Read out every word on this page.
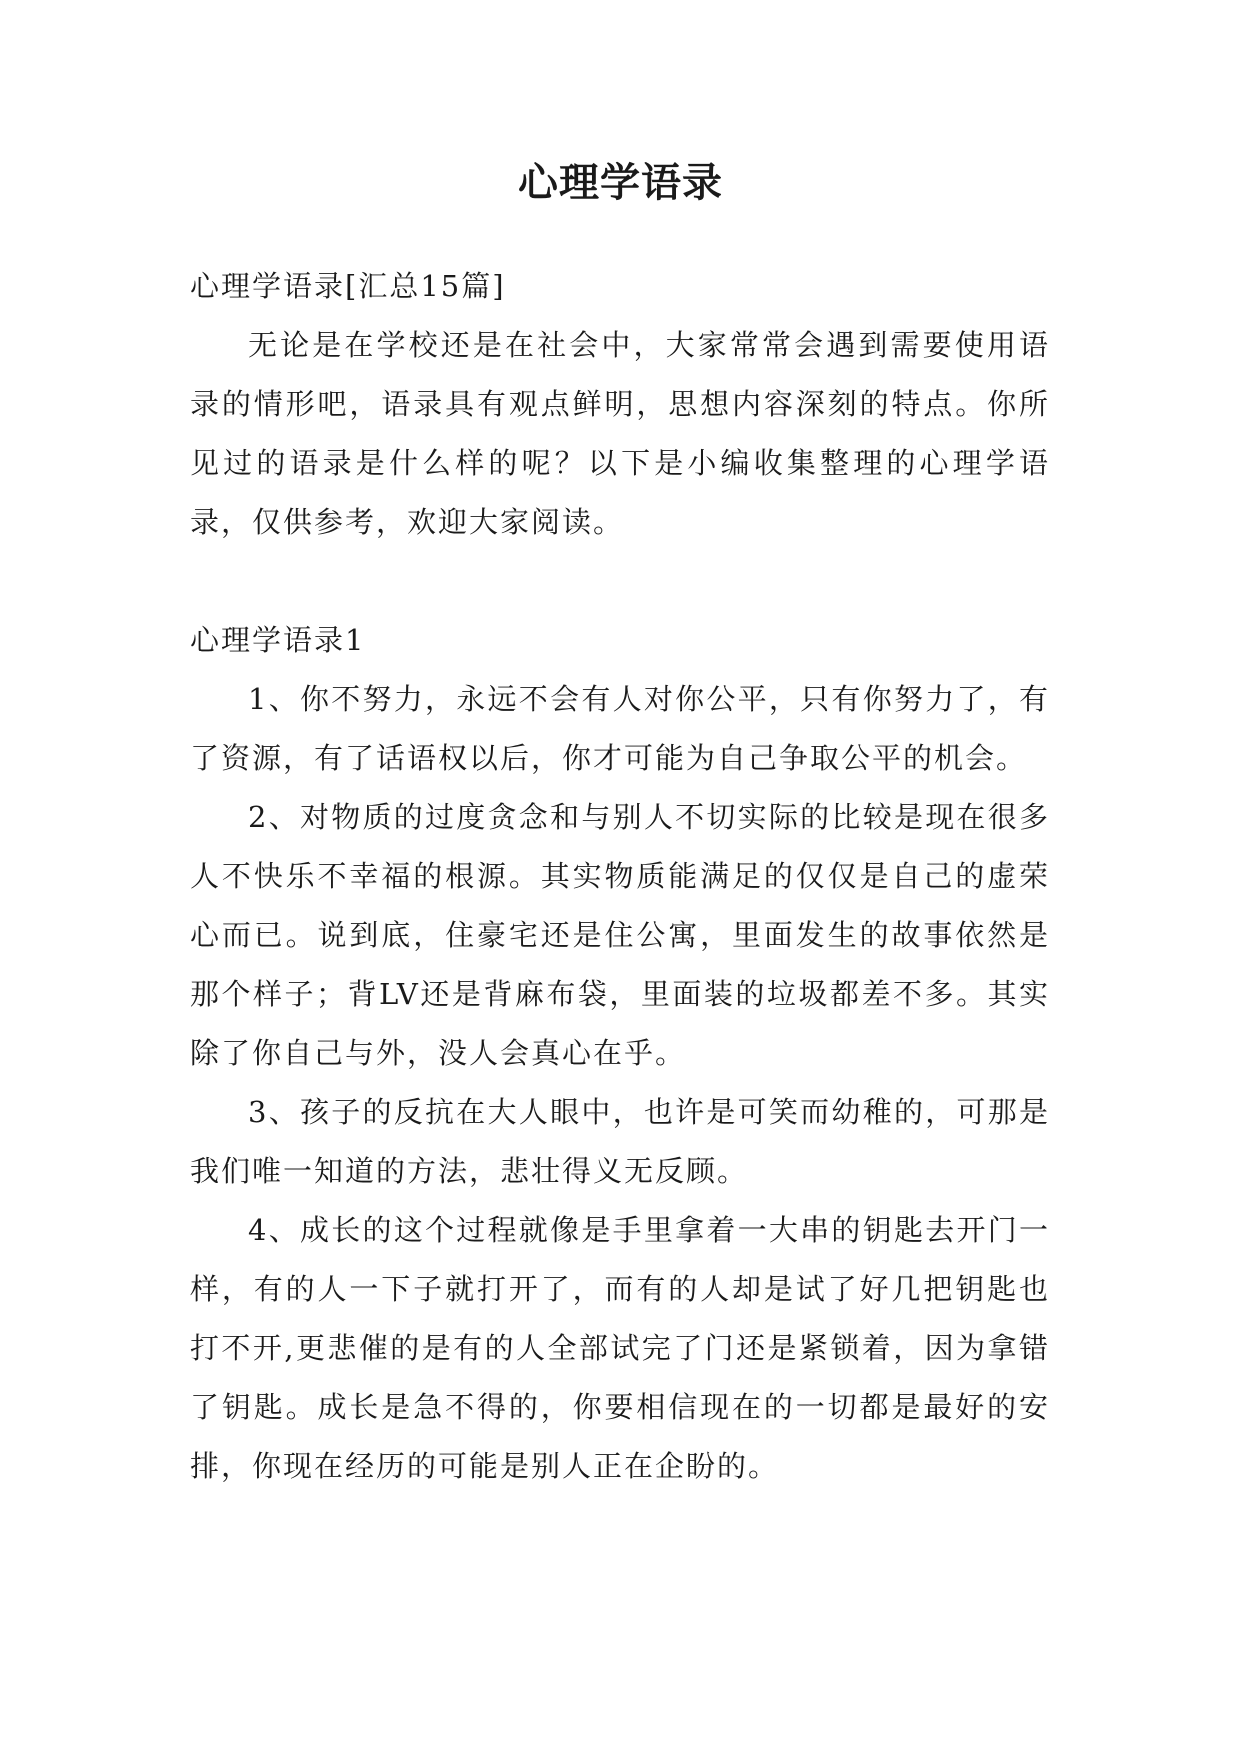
心理学语录

心理学语录[汇总15篇]

无论是在学校还是在社会中，大家常常会遇到需要使用语录的情形吧，语录具有观点鲜明，思想内容深刻的特点。你所见过的语录是什么样的呢？以下是小编收集整理的心理学语录，仅供参考，欢迎大家阅读。

心理学语录1

1、你不努力，永远不会有人对你公平，只有你努力了，有了资源，有了话语权以后，你才可能为自己争取公平的机会。

2、对物质的过度贪念和与别人不切实际的比较是现在很多人不快乐不幸福的根源。其实物质能满足的仅仅是自己的虚荣心而已。说到底，住豪宅还是住公寓，里面发生的故事依然是那个样子；背LV还是背麻布袋，里面装的垃圾都差不多。其实除了你自己与外，没人会真心在乎。

3、孩子的反抗在大人眼中，也许是可笑而幼稚的，可那是我们唯一知道的方法，悲壮得义无反顾。

4、成长的这个过程就像是手里拿着一大串的钥匙去开门一样，有的人一下子就打开了，而有的人却是试了好几把钥匙也打不开,更悲催的是有的人全部试完了门还是紧锁着，因为拿错了钥匙。成长是急不得的，你要相信现在的一切都是最好的安排，你现在经历的可能是别人正在企盼的。
